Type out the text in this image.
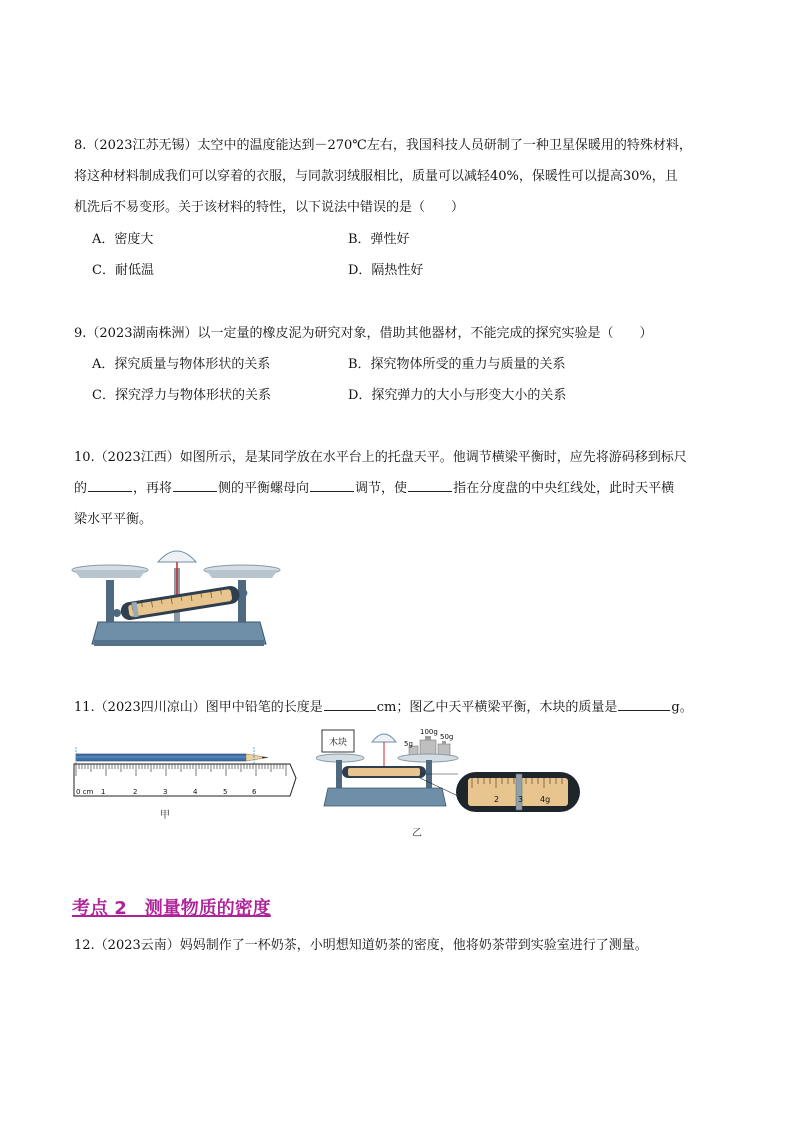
8.（2023江苏无锡）太空中的温度能达到－270℃左右，我国科技人员研制了一种卫星保暖用的特殊材料，
将这种材料制成我们可以穿着的衣服，与同款羽绒服相比，质量可以减轻40%，保暖性可以提高30%，且
机洗后不易变形。关于该材料的特性，以下说法中错误的是（　　）
A．密度大	B．弹性好
C．耐低温	D．隔热性好
9.（2023湖南株洲）以一定量的橡皮泥为研究对象，借助其他器材，不能完成的探究实验是（　　）
A．探究质量与物体形状的关系	B．探究物体所受的重力与质量的关系
C．探究浮力与物体形状的关系	D．探究弹力的大小与形变大小的关系
10.（2023江西）如图所示，是某同学放在水平台上的托盘天平。他调节横梁平衡时，应先将游码移到标尺
的	，再将	侧的平衡螺母向	调节，使	指在分度盘的中央红线处，此时天平横
梁水平平衡。
11.（2023四川凉山）图甲中铅笔的长度是	cm；图乙中天平横梁平衡，木块的质量是	g。
0 cm 1	2	3	4	5	6
甲
木块	5g
100g
50g
2 3 4g
乙
考点 2　测量物质的密度
12.（2023云南）妈妈制作了一杯奶茶，小明想知道奶茶的密度，他将奶茶带到实验室进行了测量。
